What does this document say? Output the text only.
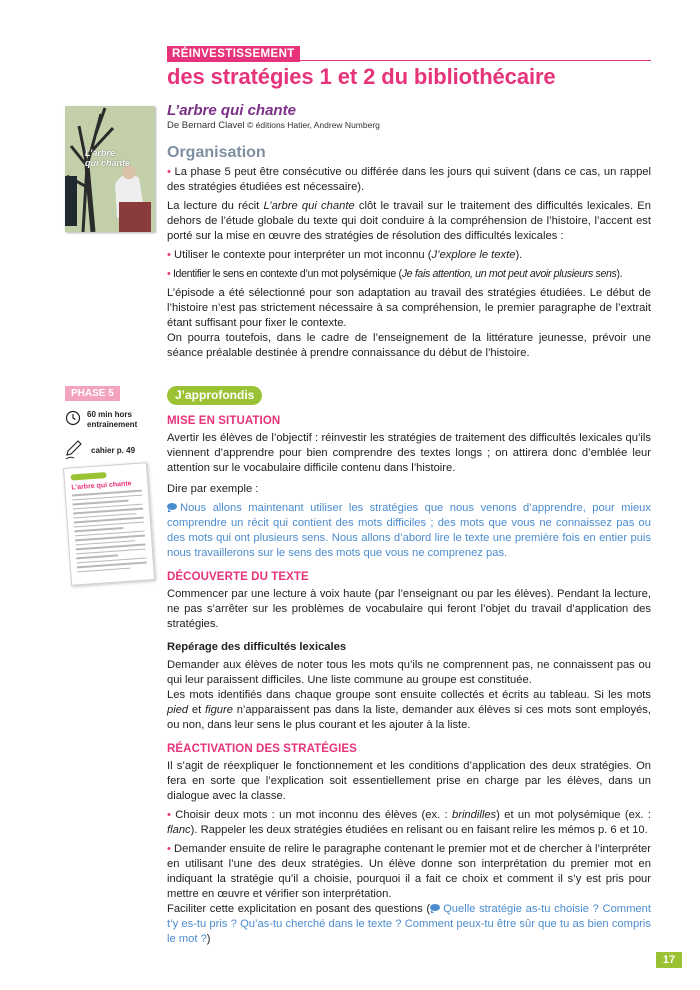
L’arbre
qui chante
PHASE 5
60 min hors entrainement
cahier p. 49
L’arbre qui chante
RÉINVESTISSEMENT
des stratégies 1 et 2 du bibliothécaire
L’arbre qui chante
De Bernard Clavel © éditions Hatier, Andrew Numberg
Organisation

• La phase 5 peut être consécutive ou différée dans les jours qui suivent (dans ce cas, un rappel des stratégies étudiées est nécessaire).

La lecture du récit L’arbre qui chante clôt le travail sur le traitement des difficultés lexicales. En dehors de l’étude globale du texte qui doit conduire à la compréhension de l’histoire, l’accent est porté sur la mise en œuvre des stratégies de résolution des difficultés lexicales :

• Utiliser le contexte pour interpréter un mot inconnu (J’explore le texte).

• Identifier le sens en contexte d’un mot polysémique (Je fais attention, un mot peut avoir plusieurs sens).

L’épisode a été sélectionné pour son adaptation au travail des stratégies étudiées. Le début de l’histoire n’est pas strictement nécessaire à sa compréhension, le premier paragraphe de l’extrait étant suffisant pour fixer le contexte.

On pourra toutefois, dans le cadre de l’enseignement de la littérature jeunesse, prévoir une séance préalable destinée à prendre connaissance du début de l’histoire.

J’approfondis
MISE EN SITUATION

Avertir les élèves de l’objectif : réinvestir les stratégies de traitement des difficultés lexicales qu’ils viennent d’apprendre pour bien comprendre des textes longs ; on attirera donc d’emblée leur attention sur le vocabulaire difficile contenu dans l’histoire.

Dire par exemple :

Nous allons maintenant utiliser les stratégies que nous venons d’apprendre, pour mieux comprendre un récit qui contient des mots difficiles ; des mots que vous ne connaissez pas ou des mots qui ont plusieurs sens. Nous allons d’abord lire le texte une première fois en entier puis nous travaillerons sur le sens des mots que vous ne comprenez pas.

DÉCOUVERTE DU TEXTE

Commencer par une lecture à voix haute (par l’enseignant ou par les élèves). Pendant la lecture, ne pas s’arrêter sur les problèmes de vocabulaire qui feront l’objet du travail d’application des stratégies.

Repérage des difficultés lexicales

Demander aux élèves de noter tous les mots qu’ils ne comprennent pas, ne connaissent pas ou qui leur paraissent difficiles. Une liste commune au groupe est constituée.

Les mots identifiés dans chaque groupe sont ensuite collectés et écrits au tableau. Si les mots pied et figure n’apparaissent pas dans la liste, demander aux élèves si ces mots sont employés, ou non, dans leur sens le plus courant et les ajouter à la liste.

RÉACTIVATION DES STRATÉGIES

Il s’agit de réexpliquer le fonctionnement et les conditions d’application des deux stratégies. On fera en sorte que l’explication soit essentiellement prise en charge par les élèves, dans un dialogue avec la classe.

• Choisir deux mots : un mot inconnu des élèves (ex. : brindilles) et un mot polysémique (ex. : flanc). Rappeler les deux stratégies étudiées en relisant ou en faisant relire les mémos p. 6 et 10.

• Demander ensuite de relire le paragraphe contenant le premier mot et de chercher à l’interpréter en utilisant l’une des deux stratégies. Un élève donne son interprétation du premier mot en indiquant la stratégie qu’il a choisie, pourquoi il a fait ce choix et comment il s’y est pris pour mettre en œuvre et vérifier son interprétation.

Faciliter cette explicitation en posant des questions ( Quelle stratégie as-tu choisie ? Comment t’y es-tu pris ? Qu’as-tu cherché dans le texte ? Comment peux-tu être sûr que tu as bien compris le mot ?)

17
